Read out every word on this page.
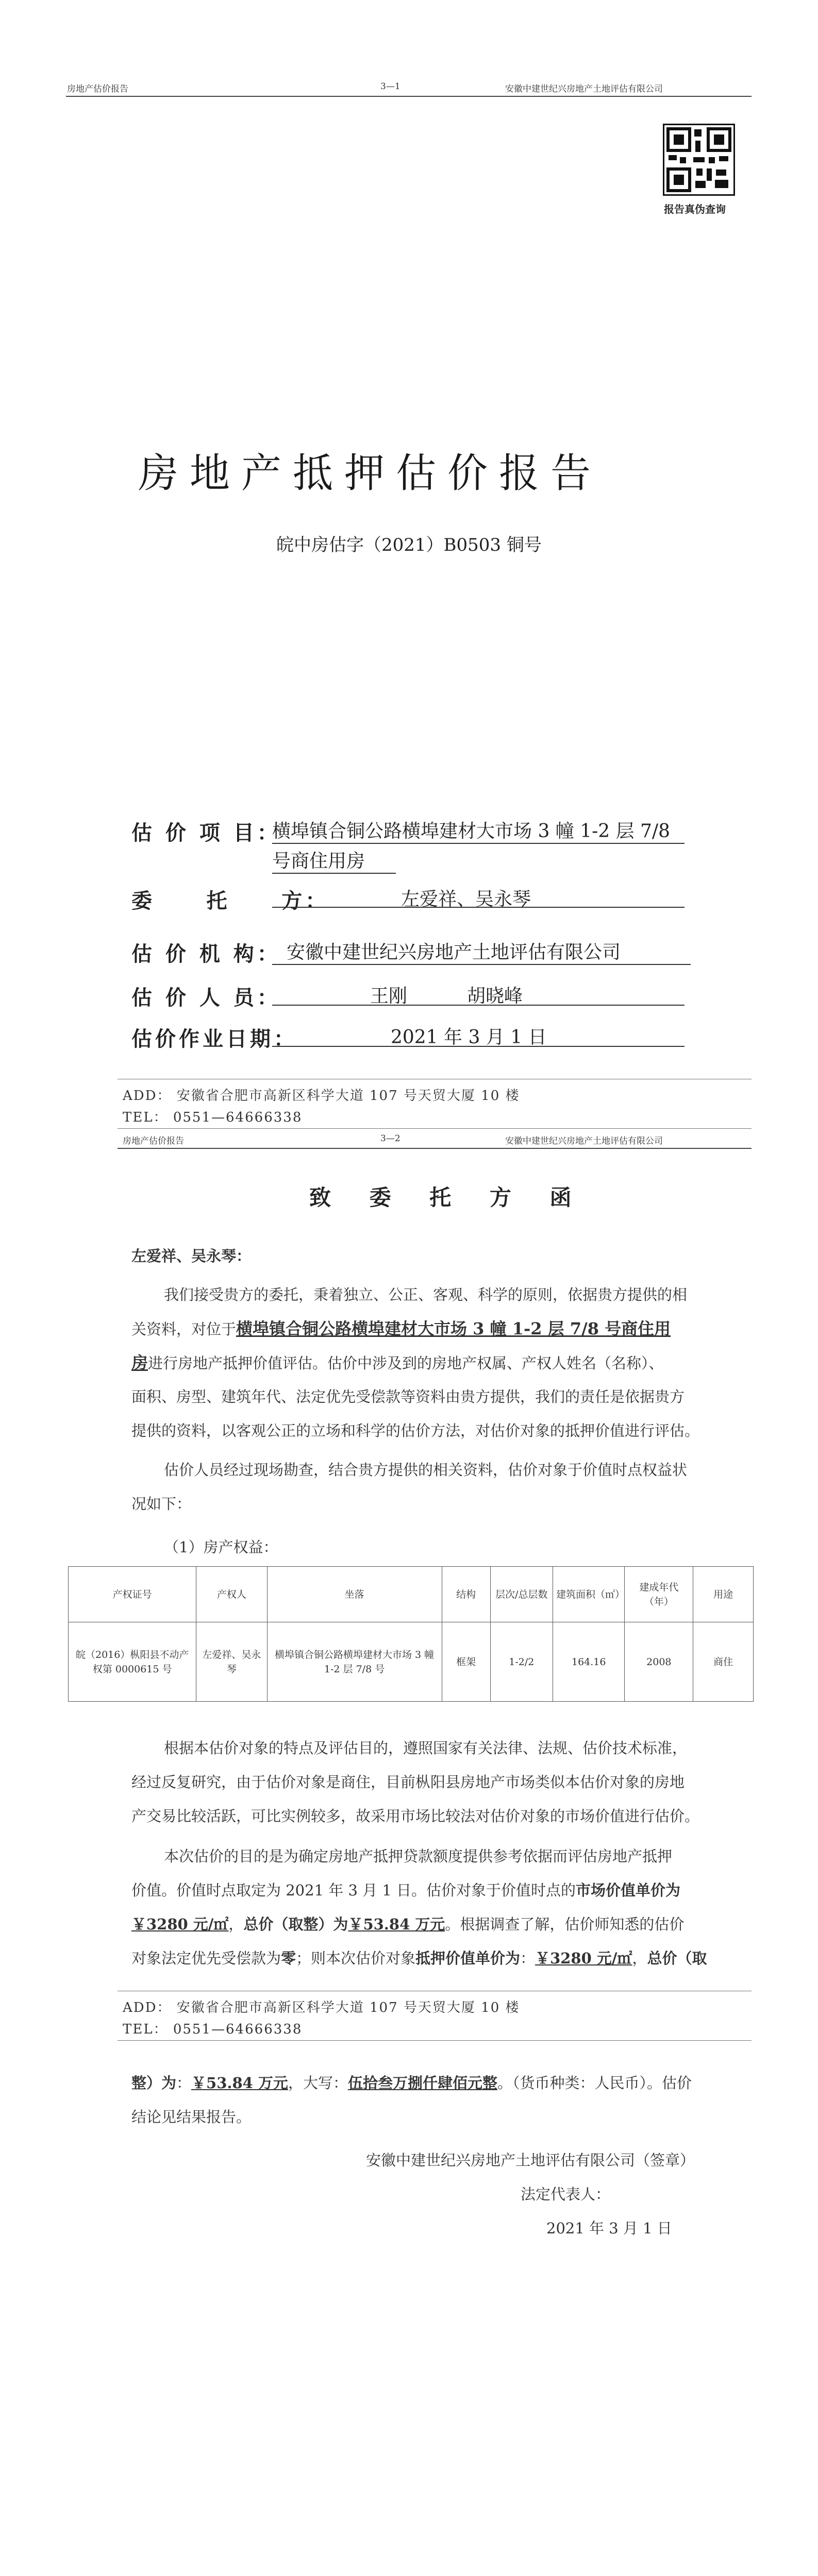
房地产估价报告	3—1	安徽中建世纪兴房地产土地评估有限公司
报告真伪查询
房地产抵押估价报告
皖中房估字（2021）B0503 铜号
估 价 项 目：
横埠镇合铜公路横埠建材大市场 3 幢 1-2 层 7/8
号商住用房
委     托     方：	左爱祥、吴永琴
估 价 机 构： 安徽中建世纪兴房地产土地评估有限公司
估 价 人 员：	王刚	胡晓峰
估价作业日期：	2021 年 3 月 1 日
ADD： 安徽省合肥市高新区科学大道 107 号天贸大厦 10 楼
TEL： 0551—64666338
房地产估价报告	3—2	安徽中建世纪兴房地产土地评估有限公司
致 委 托 方 函
左爱祥、吴永琴：
我们接受贵方的委托，秉着独立、公正、客观、科学的原则，依据贵方提供的相
关资料，对位于横埠镇合铜公路横埠建材大市场 3 幢 1-2 层 7/8 号商住用
房进行房地产抵押价值评估。估价中涉及到的房地产权属、产权人姓名（名称）、
面积、房型、建筑年代、法定优先受偿款等资料由贵方提供，我们的责任是依据贵方
提供的资料，以客观公正的立场和科学的估价方法，对估价对象的抵押价值进行评估。
估价人员经过现场勘查，结合贵方提供的相关资料，估价对象于价值时点权益状
况如下：
（1）房产权益：
产权证号	产权人	坐落	结构	层次/总层数	建筑面积（㎡）	建成年代（年）	用途
皖（2016）枞阳县不动产权第 0000615 号	左爱祥、吴永琴	横埠镇合铜公路横埠建材大市场 3 幢 1-2 层 7/8 号	框架	1-2/2	164.16	2008	商住
根据本估价对象的特点及评估目的，遵照国家有关法律、法规、估价技术标准，
经过反复研究，由于估价对象是商住，目前枞阳县房地产市场类似本估价对象的房地
产交易比较活跃，可比实例较多，故采用市场比较法对估价对象的市场价值进行估价。
本次估价的目的是为确定房地产抵押贷款额度提供参考依据而评估房地产抵押
价值。价值时点取定为 2021 年 3 月 1 日。估价对象于价值时点的市场价值单价为
￥3280 元/㎡，总价（取整）为￥53.84 万元。根据调查了解，估价师知悉的估价
对象法定优先受偿款为零；则本次估价对象抵押价值单价为：￥3280 元/㎡，总价（取
ADD： 安徽省合肥市高新区科学大道 107 号天贸大厦 10 楼
TEL： 0551—64666338
整）为：￥53.84 万元，大写：伍拾叁万捌仟肆佰元整。（货币种类：人民币）。估价
结论见结果报告。
安徽中建世纪兴房地产土地评估有限公司（签章）
法定代表人：
2021 年 3 月 1 日
